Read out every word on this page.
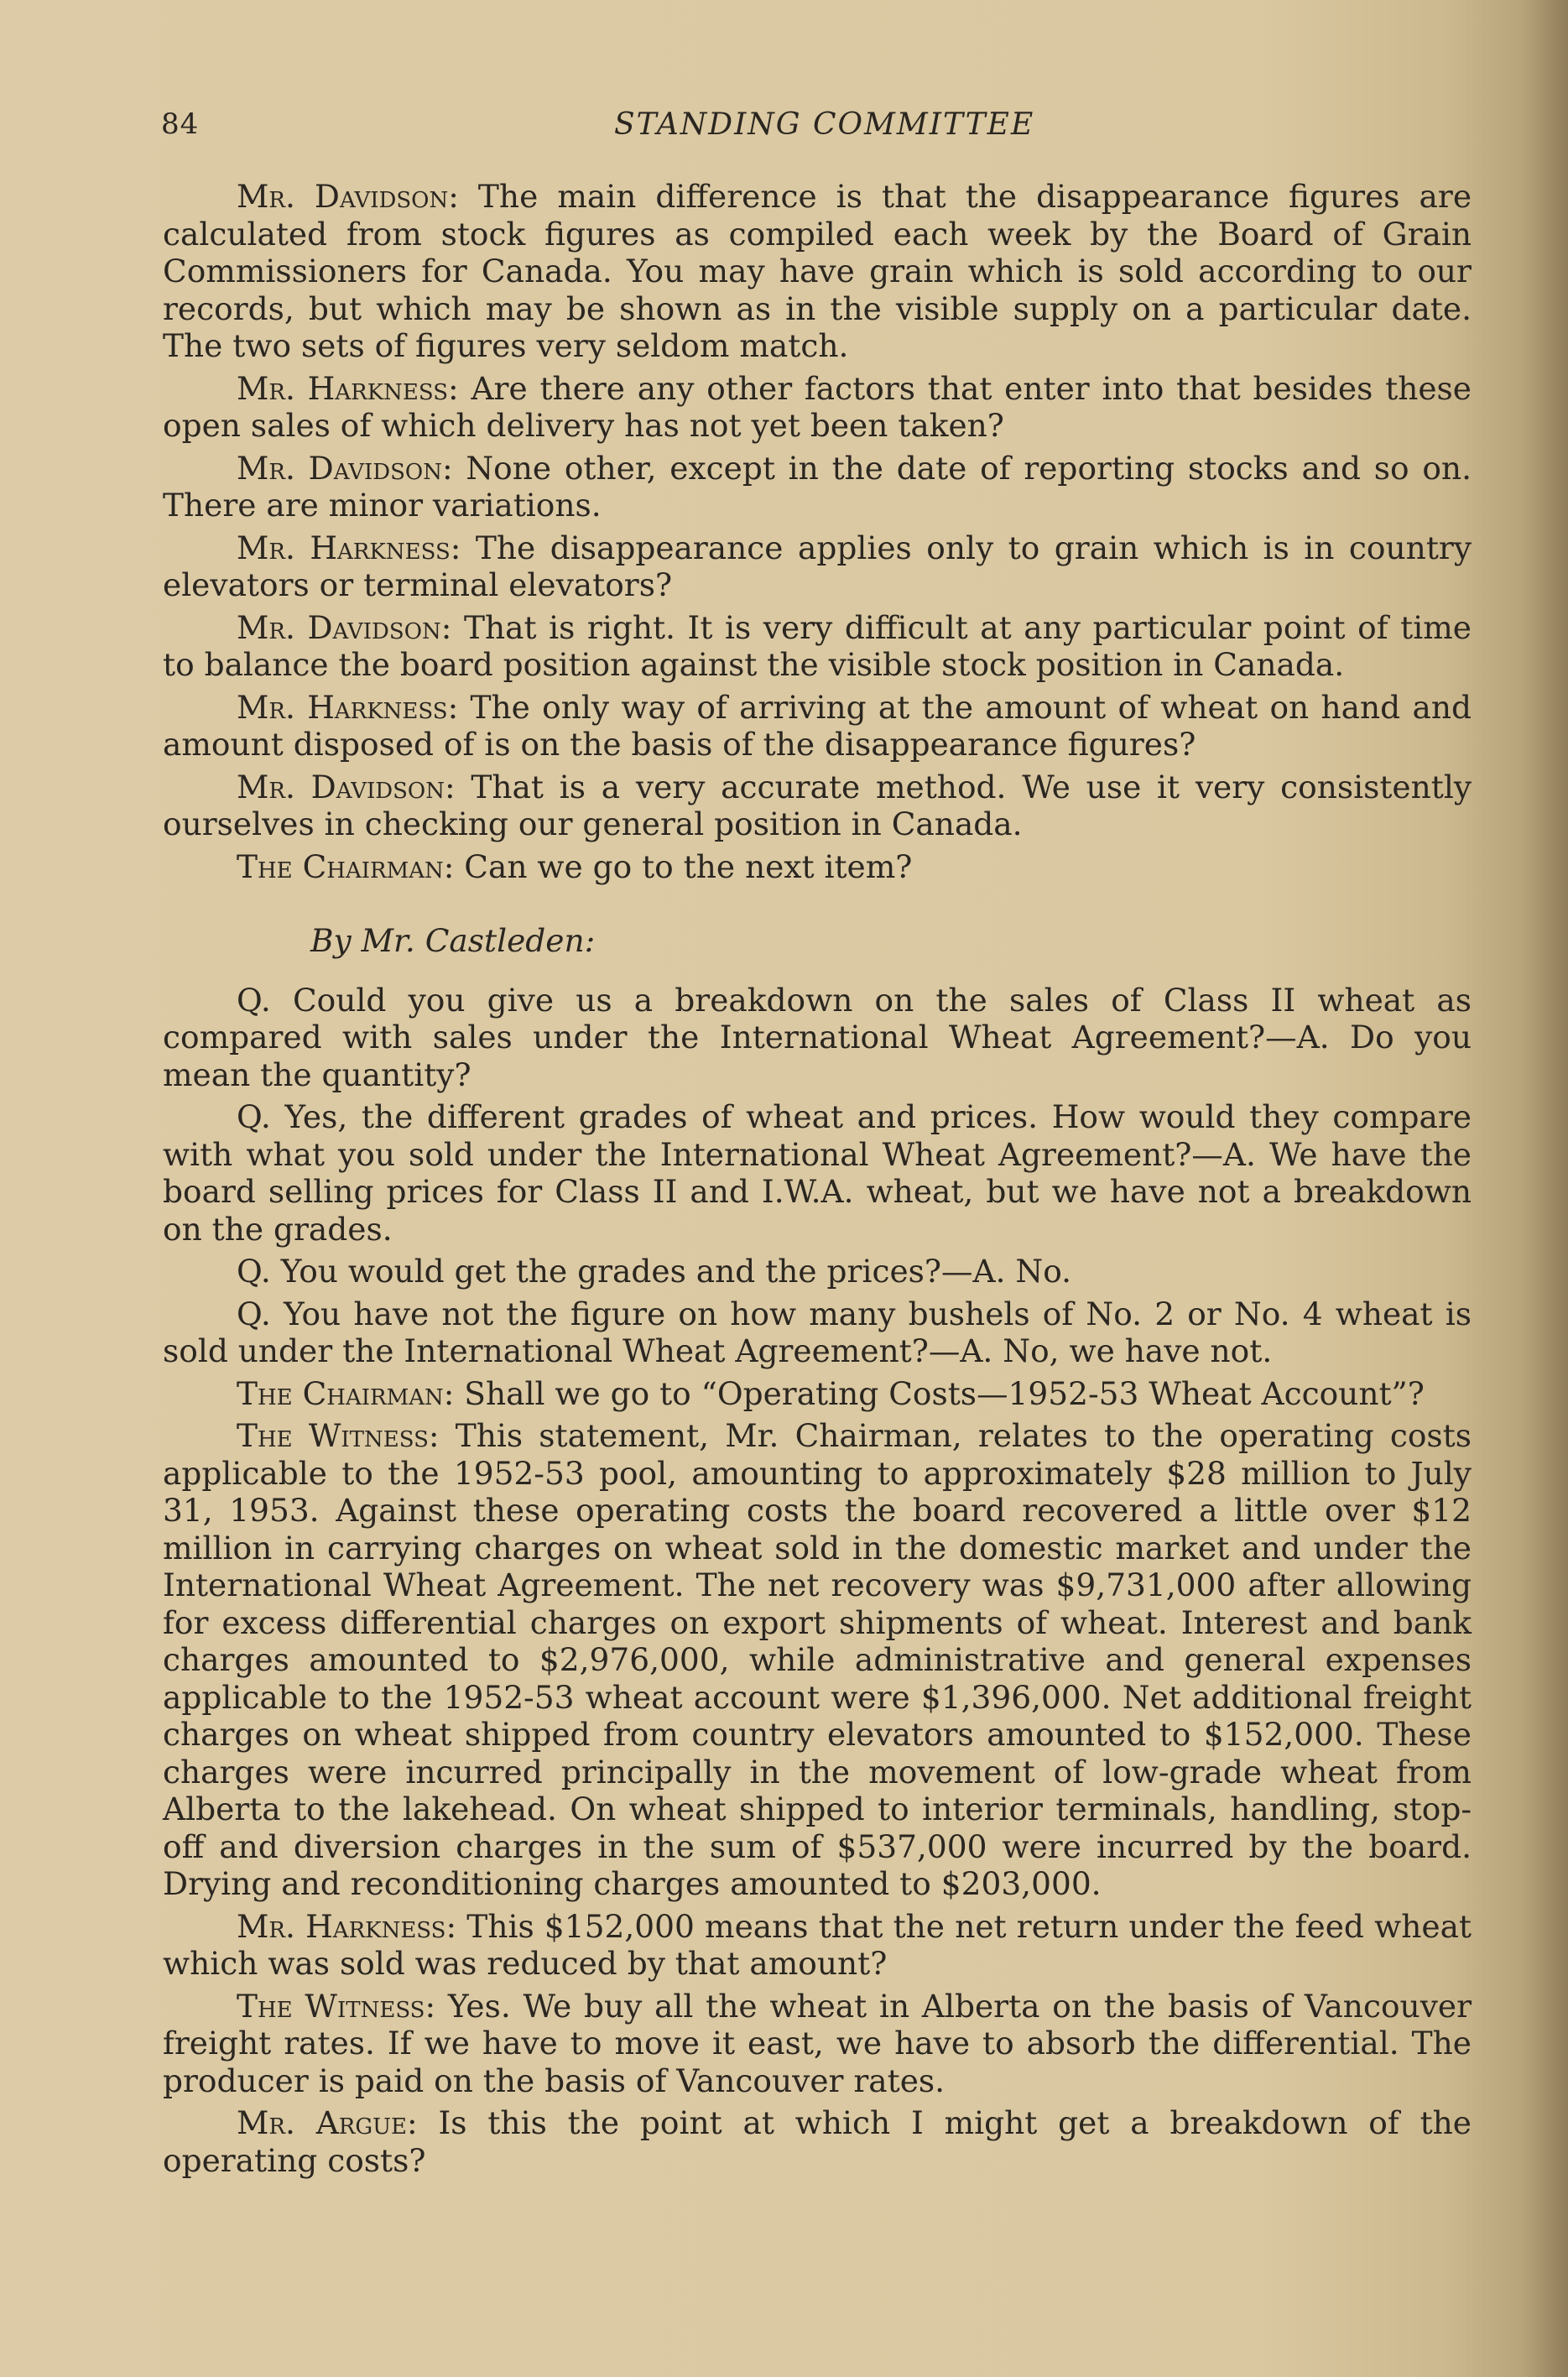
84	STANDING COMMITTEE

Mr. Davidson: The main difference is that the disappearance figures are calculated from stock figures as compiled each week by the Board of Grain Commissioners for Canada. You may have grain which is sold according to our records, but which may be shown as in the visible supply on a particular date. The two sets of figures very seldom match.

Mr. Harkness: Are there any other factors that enter into that besides these open sales of which delivery has not yet been taken?

Mr. Davidson: None other, except in the date of reporting stocks and so on. There are minor variations.

Mr. Harkness: The disappearance applies only to grain which is in country elevators or terminal elevators?

Mr. Davidson: That is right. It is very difficult at any particular point of time to balance the board position against the visible stock position in Canada.

Mr. Harkness: The only way of arriving at the amount of wheat on hand and amount disposed of is on the basis of the disappearance figures?

Mr. Davidson: That is a very accurate method. We use it very consistently ourselves in checking our general position in Canada.

The Chairman: Can we go to the next item?

By Mr. Castleden:

Q. Could you give us a breakdown on the sales of Class II wheat as compared with sales under the International Wheat Agreement?—A. Do you mean the quantity?

Q. Yes, the different grades of wheat and prices. How would they compare with what you sold under the International Wheat Agreement?—A. We have the board selling prices for Class II and I.W.A. wheat, but we have not a breakdown on the grades.

Q. You would get the grades and the prices?—A. No.

Q. You have not the figure on how many bushels of No. 2 or No. 4 wheat is sold under the International Wheat Agreement?—A. No, we have not.

The Chairman: Shall we go to “Operating Costs—1952-53 Wheat Account”?

The Witness: This statement, Mr. Chairman, relates to the operating costs applicable to the 1952-53 pool, amounting to approximately $28 million to July 31, 1953. Against these operating costs the board recovered a little over $12 million in carrying charges on wheat sold in the domestic market and under the International Wheat Agreement. The net recovery was $9,731,000 after allowing for excess differential charges on export shipments of wheat. Interest and bank charges amounted to $2,976,000, while administrative and general expenses applicable to the 1952-53 wheat account were $1,396,000. Net additional freight charges on wheat shipped from country elevators amounted to $152,000. These charges were incurred principally in the movement of low-grade wheat from Alberta to the lakehead. On wheat shipped to interior terminals, handling, stop-off and diversion charges in the sum of $537,000 were incurred by the board. Drying and reconditioning charges amounted to $203,000.

Mr. Harkness: This $152,000 means that the net return under the feed wheat which was sold was reduced by that amount?

The Witness: Yes. We buy all the wheat in Alberta on the basis of Vancouver freight rates. If we have to move it east, we have to absorb the differential. The producer is paid on the basis of Vancouver rates.

Mr. Argue: Is this the point at which I might get a breakdown of the operating costs?
